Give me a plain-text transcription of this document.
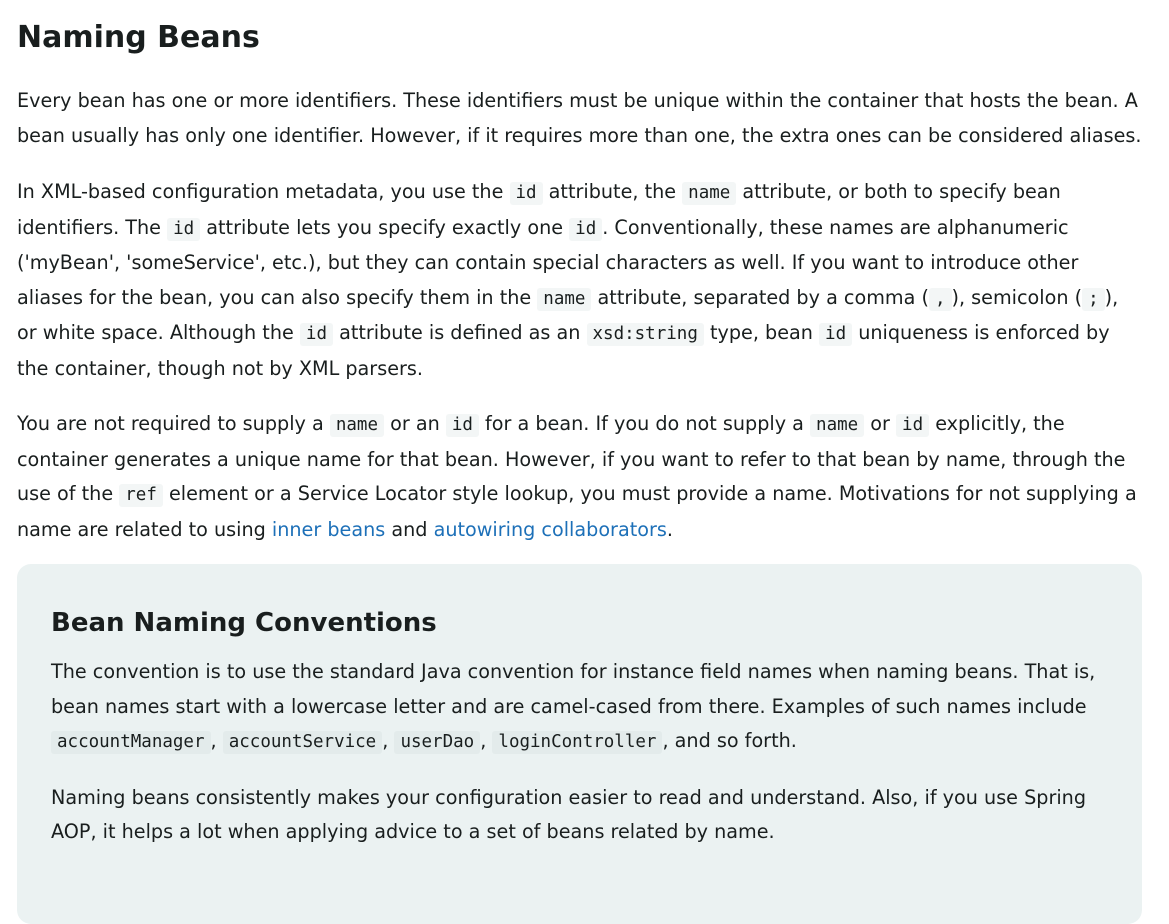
Naming Beans

Every bean has one or more identifiers. These identifiers must be unique within the container that hosts the bean. A bean usually has only one identifier. However, if it requires more than one, the extra ones can be considered aliases.

In XML-based configuration metadata, you use the id attribute, the name attribute, or both to specify bean identifiers. The id attribute lets you specify exactly one id . Conventionally, these names are alphanumeric ('myBean', 'someService', etc.), but they can contain special characters as well. If you want to introduce other aliases for the bean, you can also specify them in the name attribute, separated by a comma ( , ), semicolon ( ; ), or white space. Although the id attribute is defined as an xsd:string type, bean id uniqueness is enforced by the container, though not by XML parsers.

You are not required to supply a name or an id for a bean. If you do not supply a name or id explicitly, the container generates a unique name for that bean. However, if you want to refer to that bean by name, through the use of the ref element or a Service Locator style lookup, you must provide a name. Motivations for not supplying a name are related to using inner beans and autowiring collaborators.

Bean Naming Conventions

The convention is to use the standard Java convention for instance field names when naming beans. That is, bean names start with a lowercase letter and are camel-cased from there. Examples of such names include accountManager , accountService , userDao , loginController , and so forth.

Naming beans consistently makes your configuration easier to read and understand. Also, if you use Spring AOP, it helps a lot when applying advice to a set of beans related by name.
